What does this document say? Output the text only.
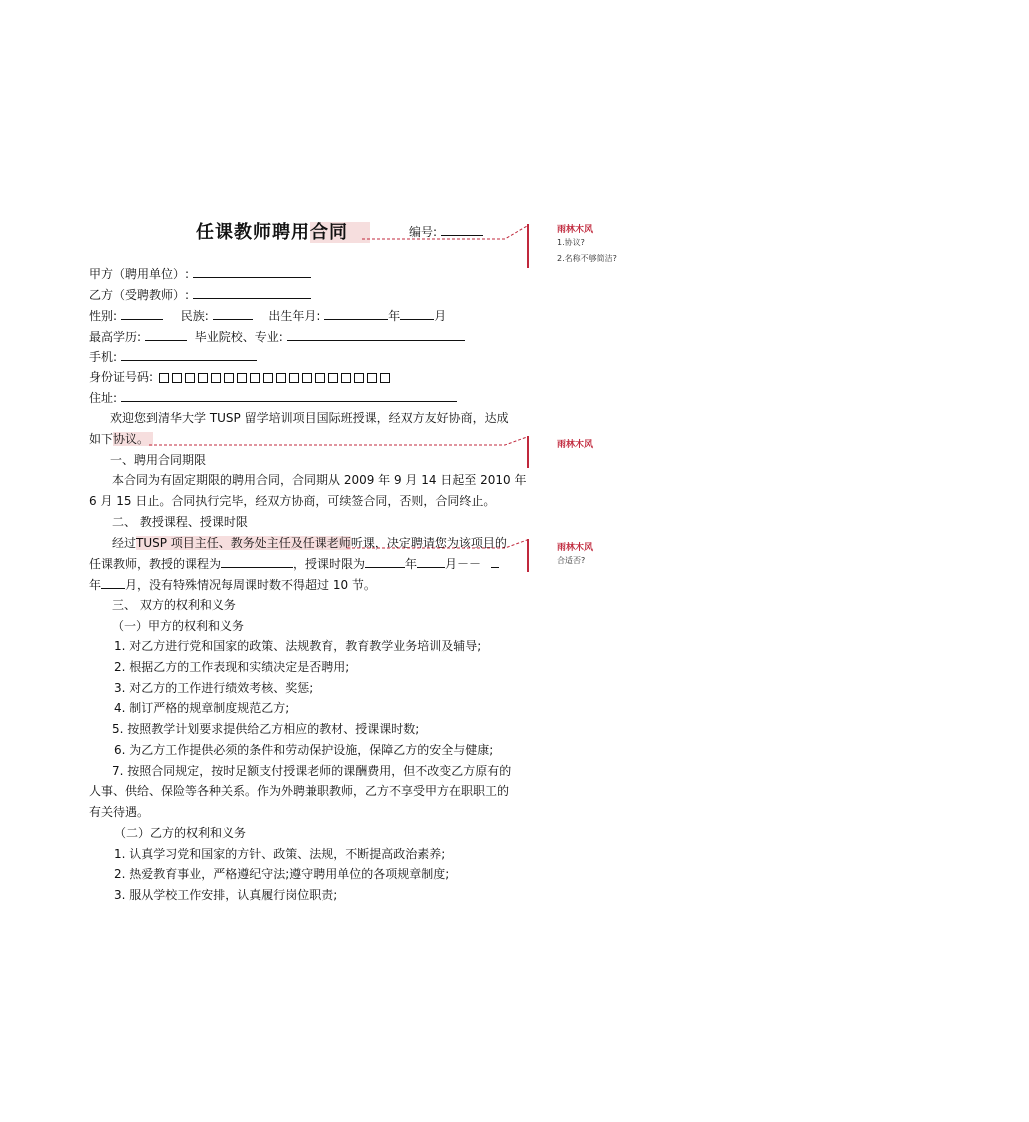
任课教师聘用合同	编号:
甲方（聘用单位）:
乙方（受聘教师）:
性别:	民族:	出生年月:	年	月
最高学历:	毕业院校、专业:
手机:
身份证号码:
住址:
欢迎您到清华大学 TUSP 留学培训项目国际班授课，经双方友好协商，达成
如下协议。
一、聘用合同期限
本合同为有固定期限的聘用合同，合同期从 2009 年 9 月 14 日起至 2010 年
6 月 15 日止。合同执行完毕，经双方协商，可续签合同，否则，合同终止。
二、 教授课程、授课时限
经过TUSP 项目主任、教务处主任及任课老师听课，决定聘请您为该项目的
任课教师，教授的课程为	，授课时限为	年 月－－
年 月，没有特殊情况每周课时数不得超过 10 节。
三、 双方的权利和义务
（一）甲方的权利和义务
1. 对乙方进行党和国家的政策、法规教育，教育教学业务培训及辅导;
2. 根据乙方的工作表现和实绩决定是否聘用;
3. 对乙方的工作进行绩效考核、奖惩;
4. 制订严格的规章制度规范乙方;
5. 按照教学计划要求提供给乙方相应的教材、授课课时数;
6. 为乙方工作提供必须的条件和劳动保护设施，保障乙方的安全与健康;
7. 按照合同规定，按时足额支付授课老师的课酬费用，但不改变乙方原有的
人事、供给、保险等各种关系。作为外聘兼职教师，乙方不享受甲方在职职工的
有关待遇。
（二）乙方的权利和义务
1. 认真学习党和国家的方针、政策、法规，不断提高政治素养;
2. 热爱教育事业，严格遵纪守法;遵守聘用单位的各项规章制度;
3. 服从学校工作安排，认真履行岗位职责;
雨林木风
1.协议?
2.名称不够简洁?
雨林木风
雨林木风
合适否?
